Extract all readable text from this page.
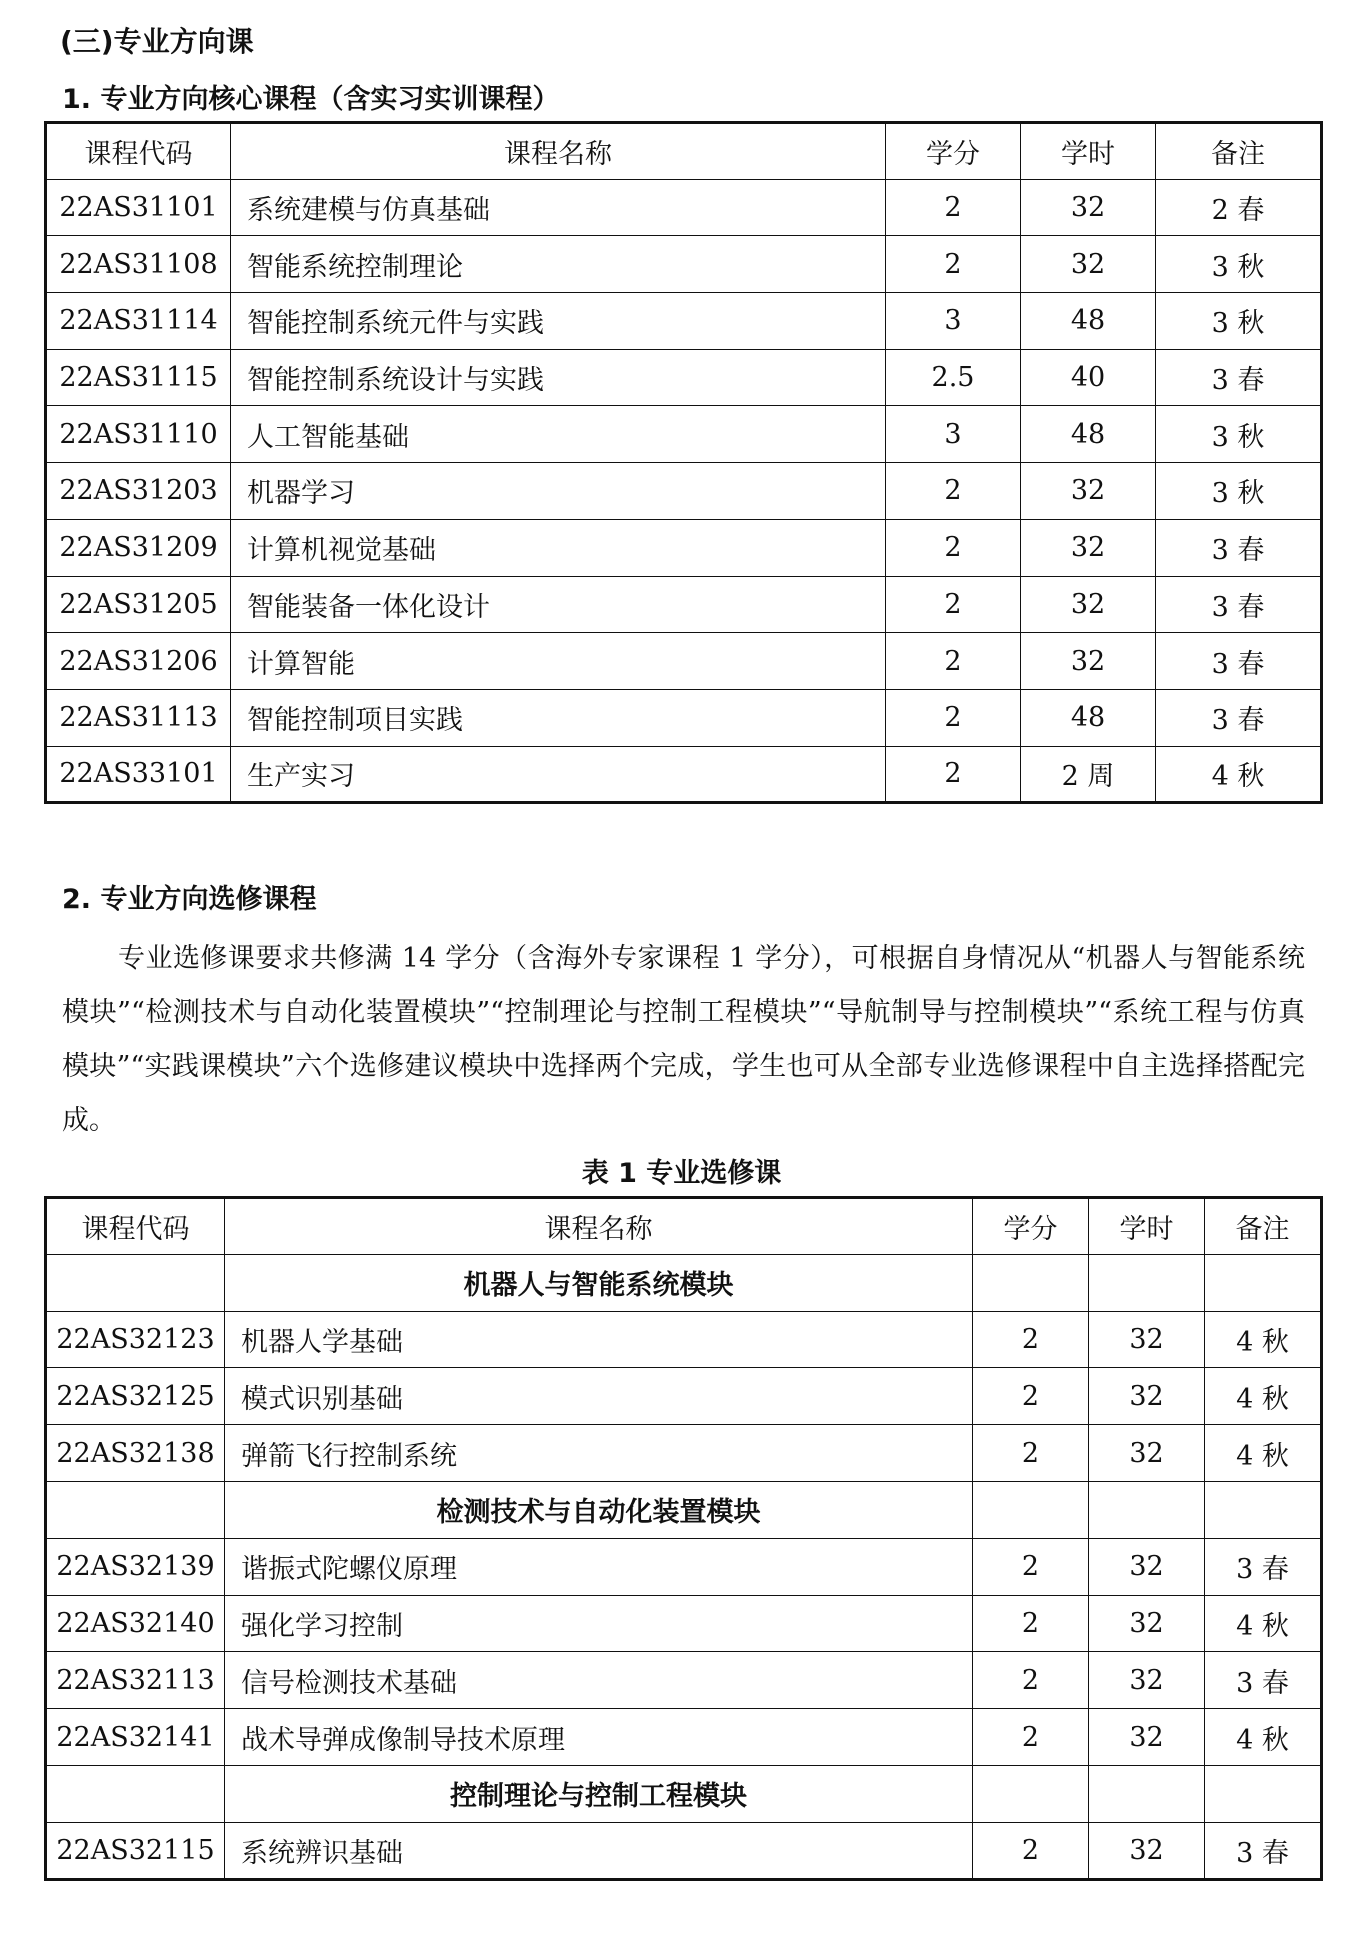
(三)专业方向课
1. 专业方向核心课程（含实习实训课程）
课程代码	课程名称	学分	学时	备注
22AS31101	系统建模与仿真基础	2	32	2 春
22AS31108	智能系统控制理论	2	32	3 秋
22AS31114	智能控制系统元件与实践	3	48	3 秋
22AS31115	智能控制系统设计与实践	2.5	40	3 春
22AS31110	人工智能基础	3	48	3 秋
22AS31203	机器学习	2	32	3 秋
22AS31209	计算机视觉基础	2	32	3 春
22AS31205	智能装备一体化设计	2	32	3 春
22AS31206	计算智能	2	32	3 春
22AS31113	智能控制项目实践	2	48	3 春
22AS33101	生产实习	2	2 周	4 秋
2. 专业方向选修课程

专业选修课要求共修满 14 学分（含海外专家课程 1 学分），可根据自身情况从“机器人与智能系统模块”“检测技术与自动化装置模块”“控制理论与控制工程模块”“导航制导与控制模块”“系统工程与仿真模块”“实践课模块”六个选修建议模块中选择两个完成，学生也可从全部专业选修课程中自主选择搭配完成。

表 1 专业选修课
课程代码	课程名称	学分	学时	备注
	机器人与智能系统模块			
22AS32123	机器人学基础	2	32	4 秋
22AS32125	模式识别基础	2	32	4 秋
22AS32138	弹箭飞行控制系统	2	32	4 秋
	检测技术与自动化装置模块			
22AS32139	谐振式陀螺仪原理	2	32	3 春
22AS32140	强化学习控制	2	32	4 秋
22AS32113	信号检测技术基础	2	32	3 春
22AS32141	战术导弹成像制导技术原理	2	32	4 秋
	控制理论与控制工程模块			
22AS32115	系统辨识基础	2	32	3 春
